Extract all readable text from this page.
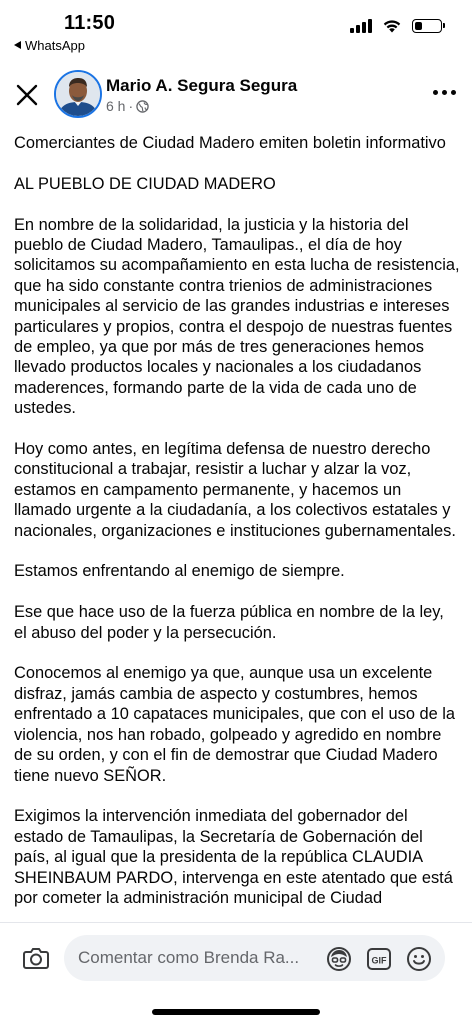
11:50
WhatsApp
Mario A. Segura Segura
6 h ·

Comerciantes de Ciudad Madero emiten boletin informativo

AL PUEBLO DE CIUDAD MADERO

En nombre de la solidaridad, la justicia y la historia del pueblo de Ciudad Madero, Tamaulipas., el día de hoy solicitamos su acompañamiento en esta lucha de resistencia, que ha sido constante contra trienios de administraciones municipales al servicio de las grandes industrias e intereses particulares y propios, contra el despojo de nuestras fuentes de empleo, ya que por más de tres generaciones hemos llevado productos locales y nacionales a los ciudadanos maderences, formando parte de la vida de cada uno de ustedes.

Hoy como antes, en legítima defensa de nuestro derecho constitucional a trabajar, resistir a luchar y alzar la voz, estamos en campamento permanente, y hacemos un llamado urgente a la ciudadanía, a los colectivos estatales y nacionales, organizaciones e instituciones gubernamentales.

Estamos enfrentando al enemigo de siempre.

Ese que hace uso de la fuerza pública en nombre de la ley, el abuso del poder y la persecución.

Conocemos al enemigo ya que, aunque usa un excelente disfraz, jamás cambia de aspecto y costumbres, hemos enfrentado a 10 capataces municipales, que con el uso de la violencia, nos han robado, golpeado y agredido en nombre de su orden, y con el fin de demostrar que Ciudad Madero tiene nuevo SEÑOR.

Exigimos la intervención inmediata del gobernador del estado de Tamaulipas, la Secretaría de Gobernación del país, al igual que la presidenta de la república CLAUDIA SHEINBAUM PARDO, intervenga en este atentado que está por cometer la administración municipal de Ciudad

Comentar como Brenda Ra...	GIF
